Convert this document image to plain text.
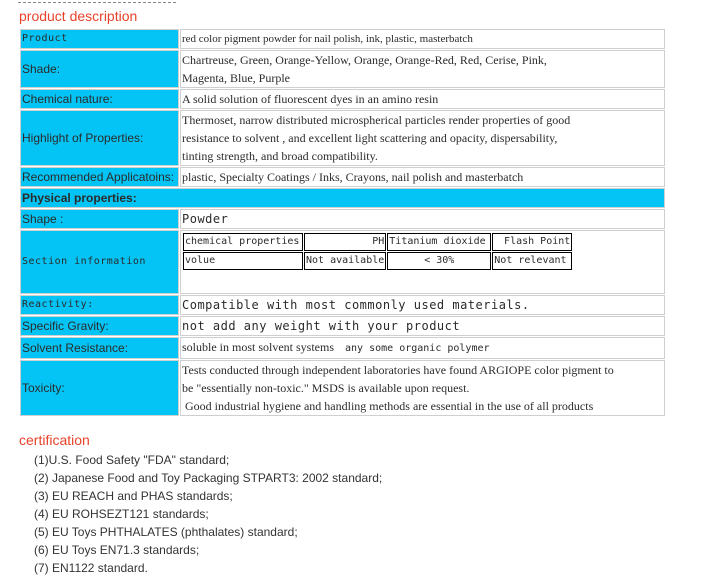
product description
Product	red color pigment powder for nail polish, ink, plastic, masterbatch
Shade:	
Chartreuse, Green, Orange-Yellow, Orange, Orange-Red, Red, Cerise, Pink,
Magenta, Blue, Purple

Chemical nature:	A solid solution of fluorescent dyes in an amino resin
Highlight of Properties:	
Thermoset, narrow distributed microspherical particles render properties of good
resistance to solvent , and excellent light scattering and opacity, dispersability,
tinting strength, and broad compatibility.

Recommended Applicatoins:	plastic, Specialty Coatings / Inks, Crayons, nail polish and masterbatch
Physical properties:
Shape :	Powder
Section information	
chemical properties	PH	Titanium dioxide	Flash Point
volue	Not available	< 30%	Not relevant

Reactivity:	Compatible with most commonly used materials.
Specific Gravity:	not add any weight with your product
Solvent Resistance:	soluble in most solvent systems any some organic polymer
Toxicity:	
Tests conducted through independent laboratories have found ARGIOPE color pigment to
be "essentially non-toxic." MSDS is available upon request.
Good industrial hygiene and handling methods are essential in the use of all products
certification
(1)U.S. Food Safety "FDA" standard;
(2) Japanese Food and Toy Packaging STPART3: 2002 standard;
(3) EU REACH and PHAS standards;
(4) EU ROHSEZT121 standards;
(5) EU Toys PHTHALATES (phthalates) standard;
(6) EU Toys EN71.3 standards;
(7) EN1122 standard.
